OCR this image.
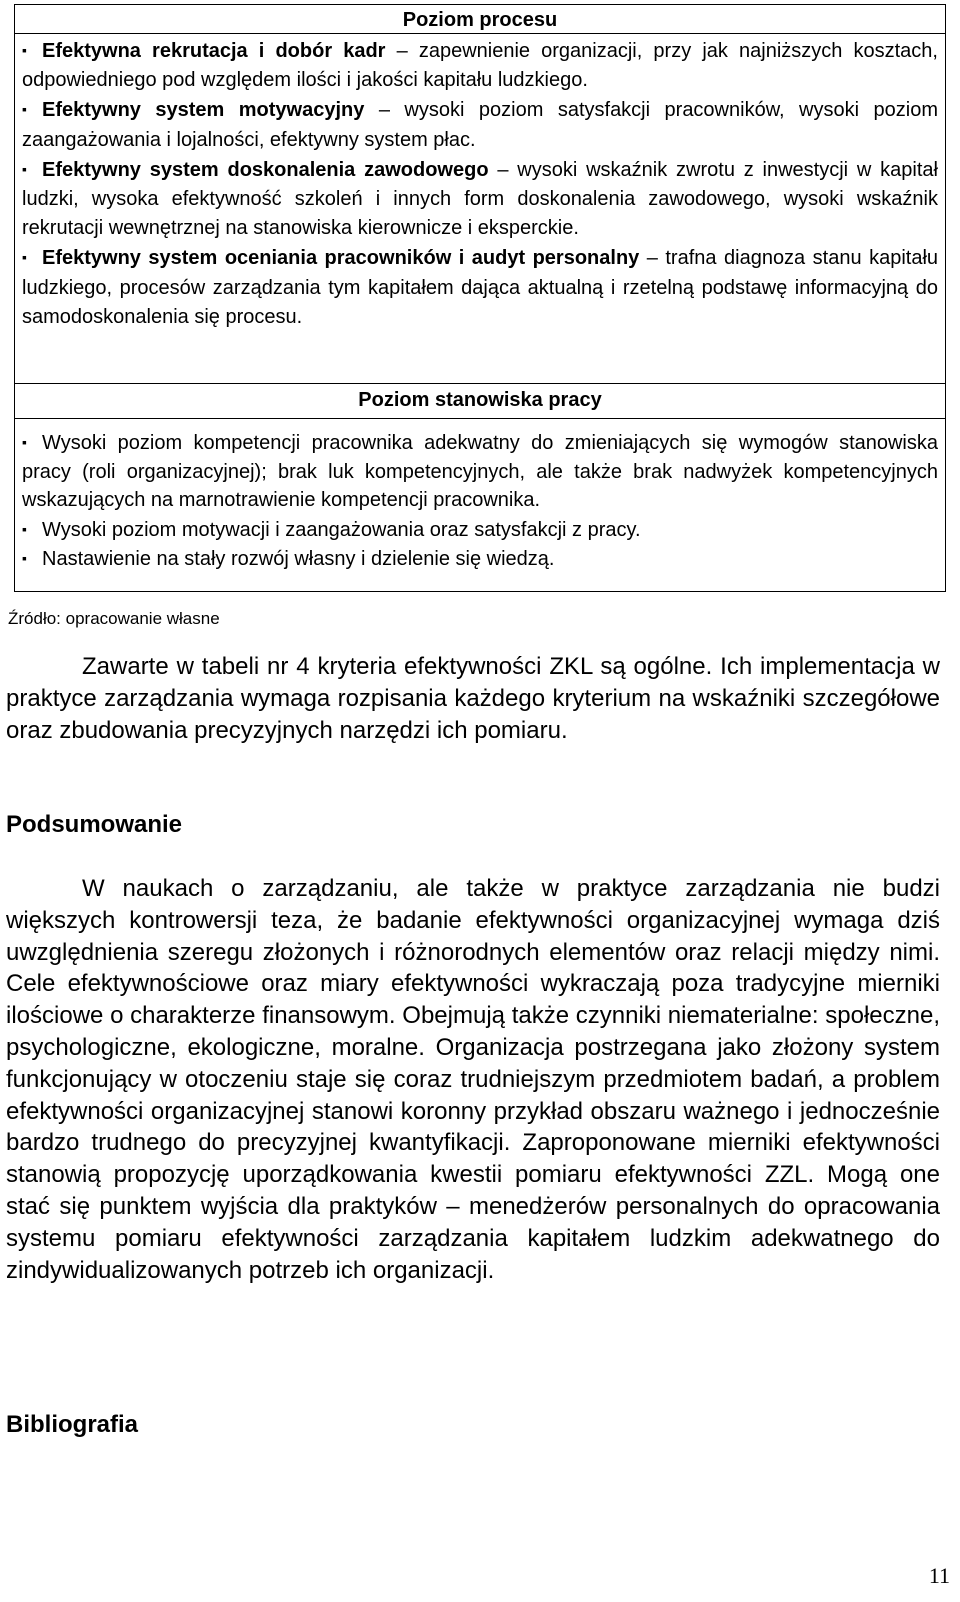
Poziom procesu

▪ Efektywna rekrutacja i dobór kadr – zapewnienie organizacji, przy jak najniższych kosztach, odpowiedniego pod względem ilości i jakości kapitału ludzkiego.

▪ Efektywny system motywacyjny – wysoki poziom satysfakcji pracowników, wysoki poziom zaangażowania i lojalności, efektywny system płac.

▪ Efektywny system doskonalenia zawodowego – wysoki wskaźnik zwrotu z inwestycji w kapitał ludzki, wysoka efektywność szkoleń i innych form doskonalenia zawodowego, wysoki wskaźnik rekrutacji wewnętrznej na stanowiska kierownicze i eksperckie.

▪ Efektywny system oceniania pracowników i audyt personalny – trafna diagnoza stanu kapitału ludzkiego, procesów zarządzania tym kapitałem dająca aktualną i rzetelną podstawę informacyjną do samodoskonalenia się procesu.

Poziom stanowiska pracy

▪ Wysoki poziom kompetencji pracownika adekwatny do zmieniających się wymogów stanowiska pracy (roli organizacyjnej); brak luk kompetencyjnych, ale także brak nadwyżek kompetencyjnych wskazujących na marnotrawienie kompetencji pracownika.

▪ Wysoki poziom motywacji i zaangażowania oraz satysfakcji z pracy.

▪ Nastawienie na stały rozwój własny i dzielenie się wiedzą.

Źródło: opracowanie własne

Zawarte w tabeli nr 4 kryteria efektywności ZKL są ogólne. Ich implementacja w praktyce zarządzania wymaga rozpisania każdego kryterium na wskaźniki szczegółowe oraz zbudowania precyzyjnych narzędzi ich pomiaru.

Podsumowanie

W naukach o zarządzaniu, ale także w praktyce zarządzania nie budzi większych kontrowersji teza, że badanie efektywności organizacyjnej wymaga dziś uwzględnienia szeregu złożonych i różnorodnych elementów oraz relacji między nimi. Cele efektywnościowe oraz miary efektywności wykraczają poza tradycyjne mierniki ilościowe o charakterze finansowym. Obejmują także czynniki niematerialne: społeczne, psychologiczne, ekologiczne, moralne. Organizacja postrzegana jako złożony system funkcjonujący w otoczeniu staje się coraz trudniejszym przedmiotem badań, a problem efektywności organizacyjnej stanowi koronny przykład obszaru ważnego i jednocześnie bardzo trudnego do precyzyjnej kwantyfikacji. Zaproponowane mierniki efektywności stanowią propozycję uporządkowania kwestii pomiaru efektywności ZZL. Mogą one stać się punktem wyjścia dla praktyków – menedżerów personalnych do opracowania systemu pomiaru efektywności zarządzania kapitałem ludzkim adekwatnego do zindywidualizowanych potrzeb ich organizacji.

Bibliografia
11
